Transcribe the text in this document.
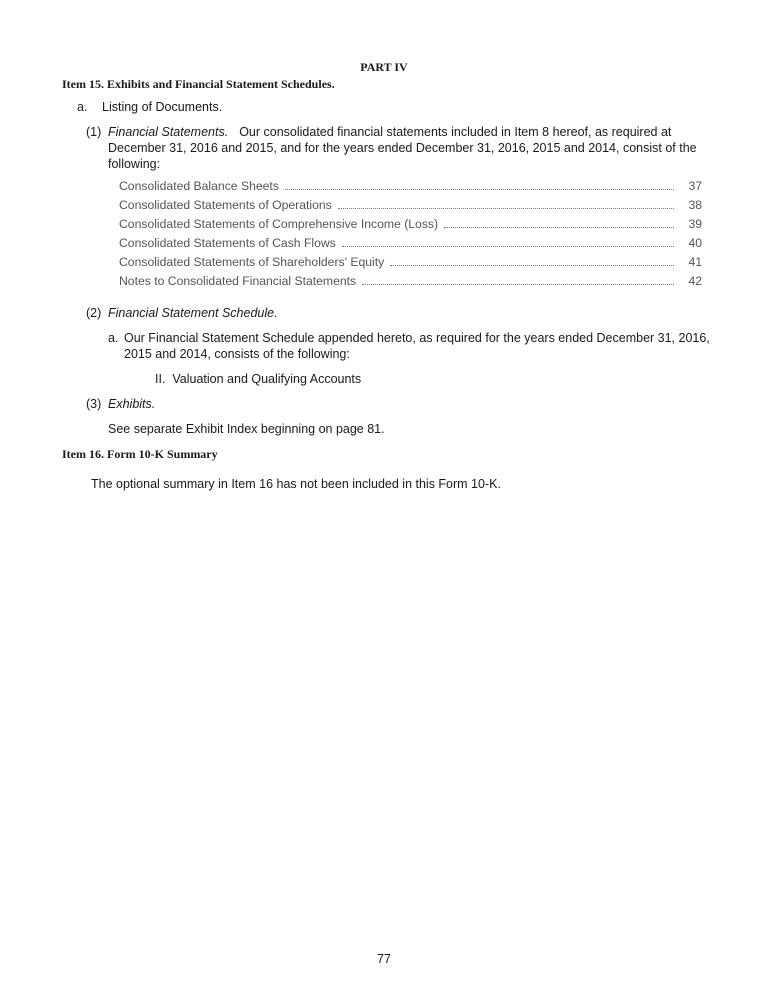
PART IV
Item 15. Exhibits and Financial Statement Schedules.
a. Listing of Documents.
(1) Financial Statements. Our consolidated financial statements included in Item 8 hereof, as required at
December 31, 2016 and 2015, and for the years ended December 31, 2016, 2015 and 2014, consist of the
following:
Consolidated Balance Sheets	37
Consolidated Statements of Operations	38
Consolidated Statements of Comprehensive Income (Loss)	39
Consolidated Statements of Cash Flows	40
Consolidated Statements of Shareholders' Equity	41
Notes to Consolidated Financial Statements	42
(2) Financial Statement Schedule.
a. Our Financial Statement Schedule appended hereto, as required for the years ended December 31, 2016,
2015 and 2014, consists of the following:
II.  Valuation and Qualifying Accounts
(3) Exhibits.
See separate Exhibit Index beginning on page 81.
Item 16. Form 10-K Summary
The optional summary in Item 16 has not been included in this Form 10-K.
77
